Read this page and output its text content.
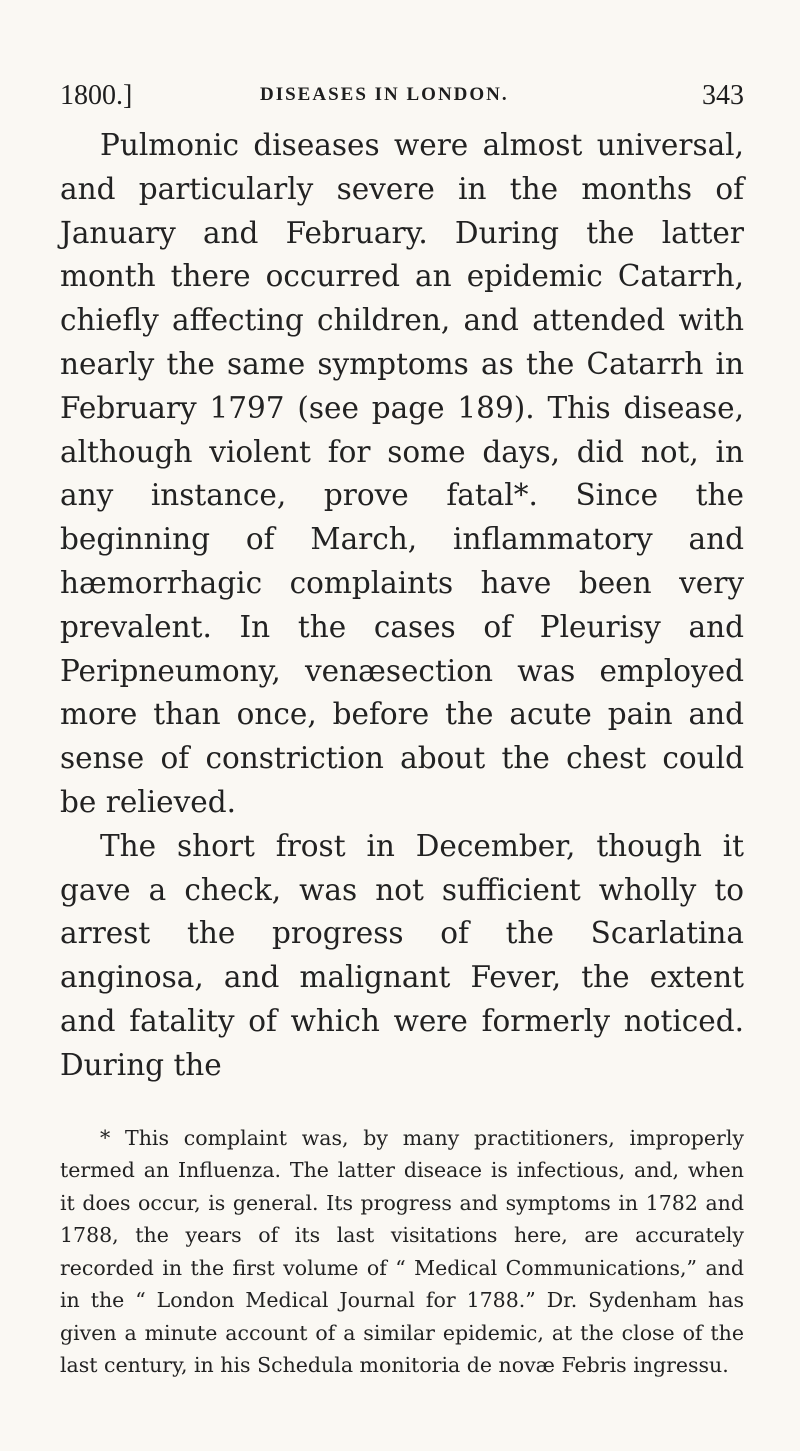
1800.]	DISEASES IN LONDON.	343

Pulmonic diseases were almost universal, and particularly severe in the months of January and February. During the latter month there occurred an epidemic Catarrh, chiefly affecting children, and attended with nearly the same symptoms as the Catarrh in February 1797 (see page 189). This disease, although violent for some days, did not, in any instance, prove fatal*. Since the beginning of March, inflammatory and hæmorrhagic complaints have been very prevalent. In the cases of Pleurisy and Peripneumony, venæsection was employed more than once, before the acute pain and sense of constriction about the chest could be relieved.

The short frost in December, though it gave a check, was not sufficient wholly to arrest the progress of the Scarlatina anginosa, and malignant Fever, the extent and fatality of which were formerly noticed. During the

* This complaint was, by many practitioners, improperly termed an Influenza. The latter diseace is infectious, and, when it does occur, is general. Its progress and symptoms in 1782 and 1788, the years of its last visitations here, are accurately recorded in the first volume of “ Medical Communications,” and in the “ London Medical Journal for 1788.” Dr. Sydenham has given a minute account of a similar epidemic, at the close of the last century, in his Schedula monitoria de novæ Febris ingressu.
